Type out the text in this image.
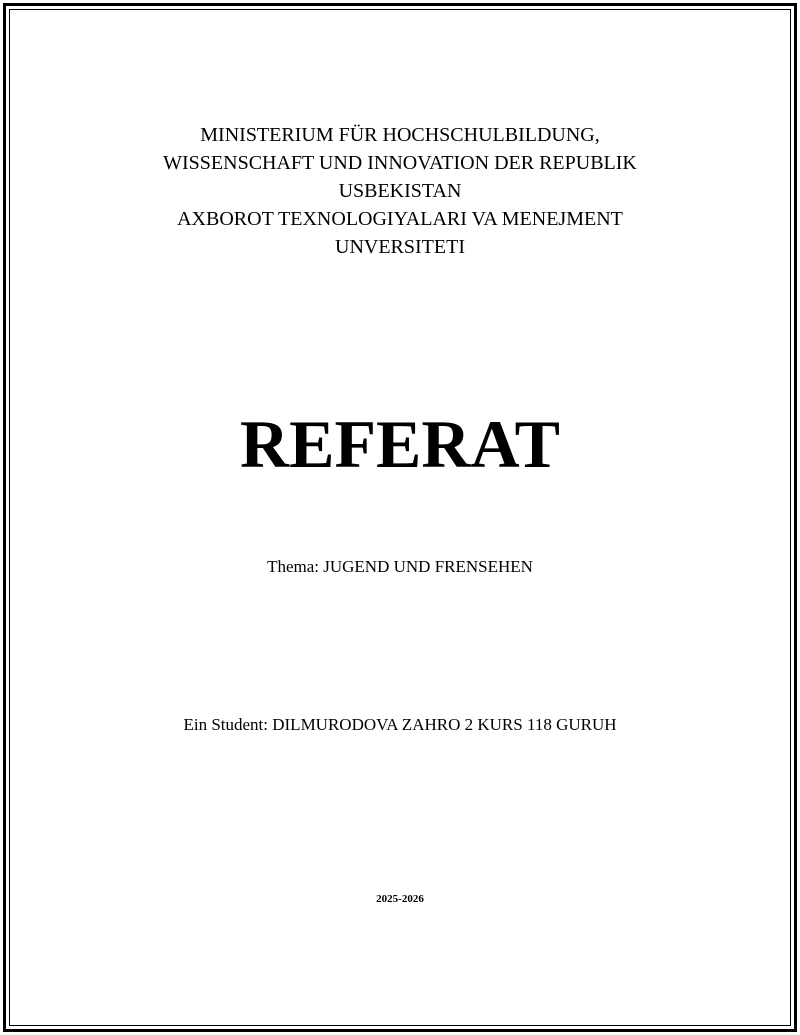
MINISTERIUM FÜR HOCHSCHULBILDUNG,
WISSENSCHAFT UND INNOVATION DER REPUBLIK
USBEKISTAN
AXBOROT TEXNOLOGIYALARI VA MENEJMENT
UNVERSITETI
REFERAT
Thema: JUGEND UND FRENSEHEN
Ein Student: DILMURODOVA ZAHRO 2 KURS 118 GURUH
2025-2026
